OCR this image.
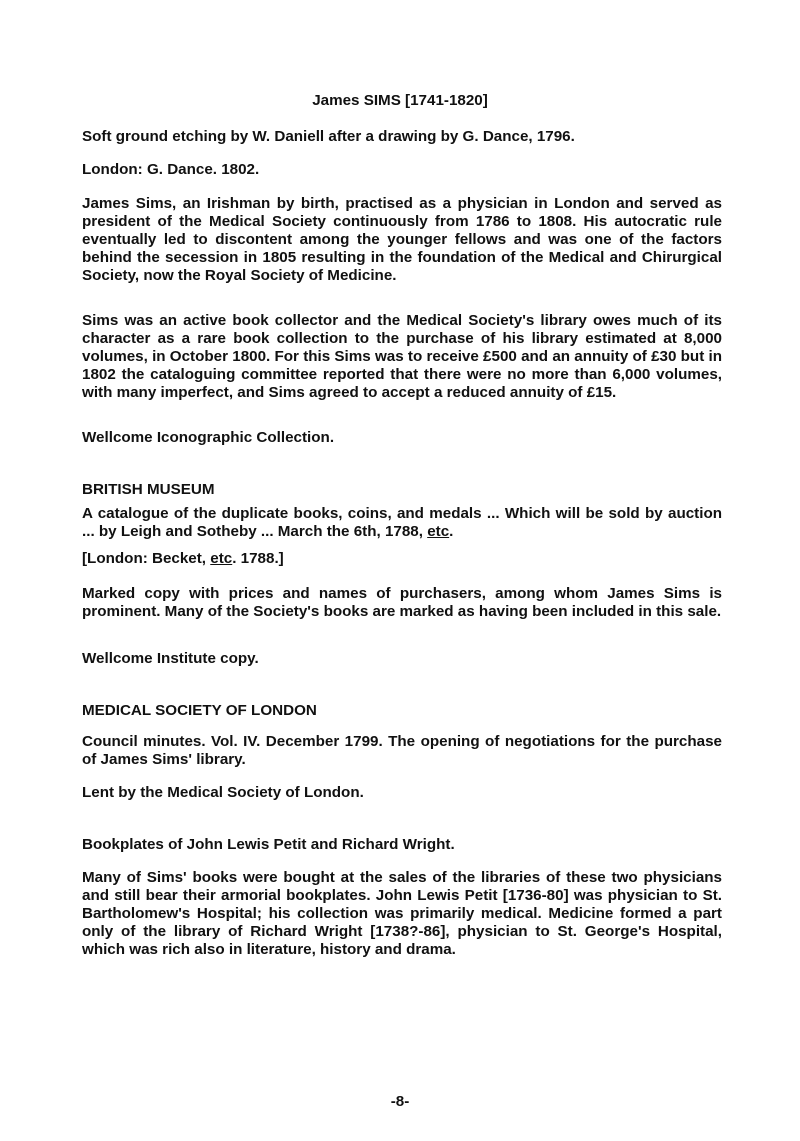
James SIMS [1741-1820]

Soft ground etching by W. Daniell after a drawing by G. Dance, 1796.

London: G. Dance. 1802.

James Sims, an Irishman by birth, practised as a physician in London and served as president of the Medical Society continuously from 1786 to 1808. His autocratic rule eventually led to discontent among the younger fellows and was one of the factors behind the secession in 1805 resulting in the foundation of the Medical and Chirurgical Society, now the Royal Society of Medicine.

Sims was an active book collector and the Medical Society's library owes much of its character as a rare book collection to the purchase of his library estimated at 8,000 volumes, in October 1800. For this Sims was to receive £500 and an annuity of £30 but in 1802 the cataloguing committee reported that there were no more than 6,000 volumes, with many imperfect, and Sims agreed to accept a reduced annuity of £15.

Wellcome Iconographic Collection.

BRITISH MUSEUM

A catalogue of the duplicate books, coins, and medals ... Which will be sold by auction ... by Leigh and Sotheby ... March the 6th, 1788, etc.

[London: Becket, etc. 1788.]

Marked copy with prices and names of purchasers, among whom James Sims is prominent. Many of the Society's books are marked as having been included in this sale.

Wellcome Institute copy.

MEDICAL SOCIETY OF LONDON

Council minutes. Vol. IV. December 1799. The opening of negotiations for the purchase of James Sims' library.

Lent by the Medical Society of London.

Bookplates of John Lewis Petit and Richard Wright.

Many of Sims' books were bought at the sales of the libraries of these two physicians and still bear their armorial bookplates. John Lewis Petit [1736-80] was physician to St. Bartholomew's Hospital; his collection was primarily medical. Medicine formed a part only of the library of Richard Wright [1738?-86], physician to St. George's Hospital, which was rich also in literature, history and drama.

-8-
